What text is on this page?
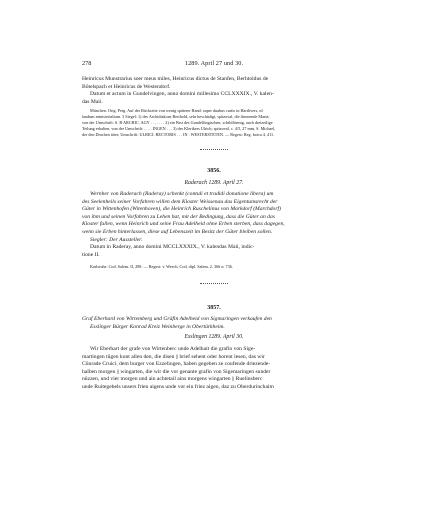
278	1289. April 27 und 30.

Heinricus Munstrarius soer meus miles, Heinricus dictus de Stanfen, Berhtoldus de

Bötelspach et Heinricus de Westendorf.

Datum et actum in Gundelvingen, anno domini millesimo CCLXXXIX., V. kalen-

das Maii.

München. Orig. Perg. Auf der Rückseite von wenig späterer Hand: super duabus curiis in Hartlivers, nl

laudum ministerialium. 3 Siegel: 1) des Archidiakons Berthold, sehr beschädigt, spitzoval, die thronende Maria;

von der Umschrift: S. B ARCHIC. AGY . . . . . . . 2) ein Brst des Gundelfingischen, schildförmig, auch dreizeilige

Teilung erhalten, von der Umschrift: . . . . INGEN . . . 3) des Klerikers Ulrich; spitzoval, c. 4/5, 27 mm, S. Michael,

der den Drachen tötet; Umschrift: ULRICI. RECTORIS . . . IN . WESTERSTETEN. — Regest: Reg. boica 4, 411.

3856.
Raderach 1289. April 27.

Wernher von Raderach (Raderay) schenkt (contuli et tradidi donatione libera) um

des Seelenheils seiner Vorfahren willen dem Kloster Weissenau das Eigentumsrecht der

Güter in Wittenhofen (Witenhoven), die Heinrich Ruschelinus von Markdorf (Marchdorf)

von ihm und seinen Vorfahren zu Lehen hat, mit der Bedingung, dass die Güter an das

Kloster fallen, wenn Heinrich und seine Frau Adelheid ohne Erben sterben, dass dagegen,

wenn sie Erben hinterlassen, diese auf Lebenszeit im Besitz der Güter bleiben sollen.

Siegler: Der Aussteller.

Datum in Raderay, anno domini MCCLXXXIX., V. kalendas Maii, indic-

tione II.

Karlsruhe. Cod. Salem. II, 289. — Regest: v. Weech, Cod. dipl. Salem. 2, 366 n. 736.

3857.

Graf Eberhard von Wirtemberg und Gräfin Adelheid von Sigmaringen verkaufen den

Esslinger Bürger Konrad Kreiz Weinberge in Obertürkheim.

Esslingen 1289. April 30.

Wir Eberhart der grafe von Wirtenberc unde Adelhait die grafin von Sige-

martingen tûgen kunt allen den, die disen || brief sehent oder horent lesen, das wir

Cûnrade Cruici, dem burger von Ezzelingen, haben gegeben ze coufende driezende-

halben morgen || wingarten, die wir die vor genante grafin von Sigemaringen sunder

nûzzen, und vier morgen und ain achtetail ains morgens wingarten || Ruelinsberc

unde Ruitegebels unsers frien aigens unde vor ein friez aigen, daz zu Oberdurinchaim
